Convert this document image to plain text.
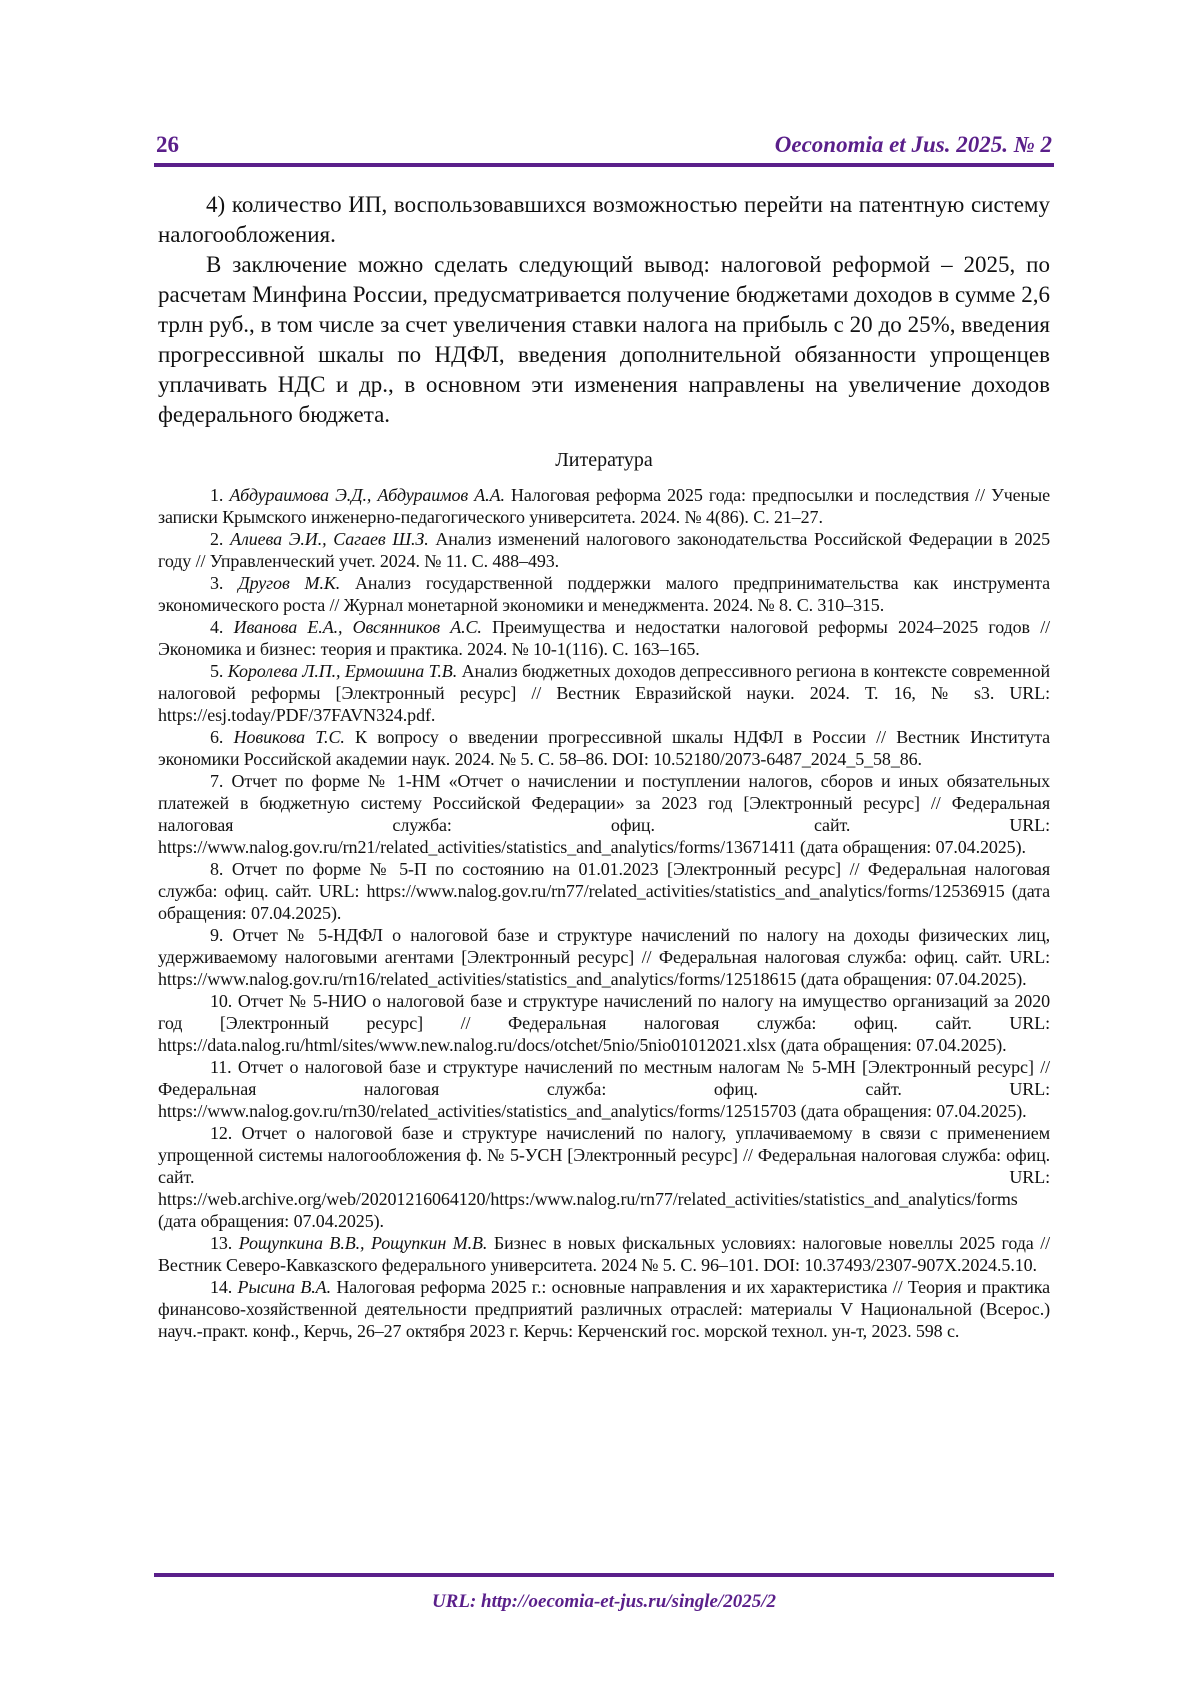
26	Oeconomia et Jus. 2025. № 2

4) количество ИП, воспользовавшихся возможностью перейти на патентную систему налогообложения.

В заключение можно сделать следующий вывод: налоговой реформой – 2025, по расчетам Минфина России, предусматривается получение бюджетами доходов в сумме 2,6 трлн руб., в том числе за счет увеличения ставки налога на прибыль с 20 до 25%, введения прогрессивной шкалы по НДФЛ, введения дополнительной обязанности упрощенцев уплачивать НДС и др., в основном эти изменения направлены на увеличение доходов федерального бюджета.

Литература

1. Абдураимова Э.Д., Абдураимов А.А. Налоговая реформа 2025 года: предпосылки и последствия // Ученые записки Крымского инженерно-педагогического университета. 2024. № 4(86). С. 21–27.

2. Алиева Э.И., Сагаев Ш.З. Анализ изменений налогового законодательства Российской Федерации в 2025 году // Управленческий учет. 2024. № 11. С. 488–493.

3. Другов М.К. Анализ государственной поддержки малого предпринимательства как инструмента экономического роста // Журнал монетарной экономики и менеджмента. 2024. № 8. С. 310–315.

4. Иванова Е.А., Овсянников А.С. Преимущества и недостатки налоговой реформы 2024–2025 годов // Экономика и бизнес: теория и практика. 2024. № 10-1(116). С. 163–165.

5. Королева Л.П., Ермошина Т.В. Анализ бюджетных доходов депрессивного региона в контексте современной налоговой реформы [Электронный ресурс] // Вестник Евразийской науки. 2024. Т. 16, № s3. URL: https://esj.today/PDF/37FAVN324.pdf.

6. Новикова Т.С. К вопросу о введении прогрессивной шкалы НДФЛ в России // Вестник Института экономики Российской академии наук. 2024. № 5. С. 58–86. DOI: 10.52180/2073-6487_2024_5_58_86.

7. Отчет по форме № 1-НМ «Отчет о начислении и поступлении налогов, сборов и иных обязательных платежей в бюджетную систему Российской Федерации» за 2023 год [Электронный ресурс] // Федеральная налоговая служба: офиц. сайт. URL: https://www.nalog.gov.ru/rn21/related_activities/statistics_and_analytics/forms/13671411 (дата обращения: 07.04.2025).

8. Отчет по форме № 5-П по состоянию на 01.01.2023 [Электронный ресурс] // Федеральная налоговая служба: офиц. сайт. URL: https://www.nalog.gov.ru/rn77/related_activities/statistics_and_analytics/forms/12536915 (дата обращения: 07.04.2025).

9. Отчет № 5-НДФЛ о налоговой базе и структуре начислений по налогу на доходы физических лиц, удерживаемому налоговыми агентами [Электронный ресурс] // Федеральная налоговая служба: офиц. сайт. URL: https://www.nalog.gov.ru/rn16/related_activities/statistics_and_analytics/forms/12518615 (дата обращения: 07.04.2025).

10. Отчет № 5-НИО о налоговой базе и структуре начислений по налогу на имущество организаций за 2020 год [Электронный ресурс] // Федеральная налоговая служба: офиц. сайт. URL: https://data.nalog.ru/html/sites/www.new.nalog.ru/docs/otchet/5nio/5nio01012021.xlsx (дата обращения: 07.04.2025).

11. Отчет о налоговой базе и структуре начислений по местным налогам № 5-МН [Электронный ресурс] // Федеральная налоговая служба: офиц. сайт. URL: https://www.nalog.gov.ru/rn30/related_activities/statistics_and_analytics/forms/12515703 (дата обращения: 07.04.2025).

12. Отчет о налоговой базе и структуре начислений по налогу, уплачиваемому в связи с применением упрощенной системы налогообложения ф. № 5-УСН [Электронный ресурс] // Федеральная налоговая служба: офиц. сайт. URL: https://web.archive.org/web/20201216064120/https:/www.nalog.ru/rn77/related_activities/statistics_and_analytics/forms (дата обращения: 07.04.2025).

13. Рощупкина В.В., Рощупкин М.В. Бизнес в новых фискальных условиях: налоговые новеллы 2025 года // Вестник Северо-Кавказского федерального университета. 2024 № 5. С. 96–101. DOI: 10.37493/2307-907X.2024.5.10.

14. Рысина В.А. Налоговая реформа 2025 г.: основные направления и их характеристика // Теория и практика финансово-хозяйственной деятельности предприятий различных отраслей: материалы V Национальной (Всерос.) науч.-практ. конф., Керчь, 26–27 октября 2023 г. Керчь: Керченский гос. морской технол. ун-т, 2023. 598 с.

URL: http://oecomia-et-jus.ru/single/2025/2
